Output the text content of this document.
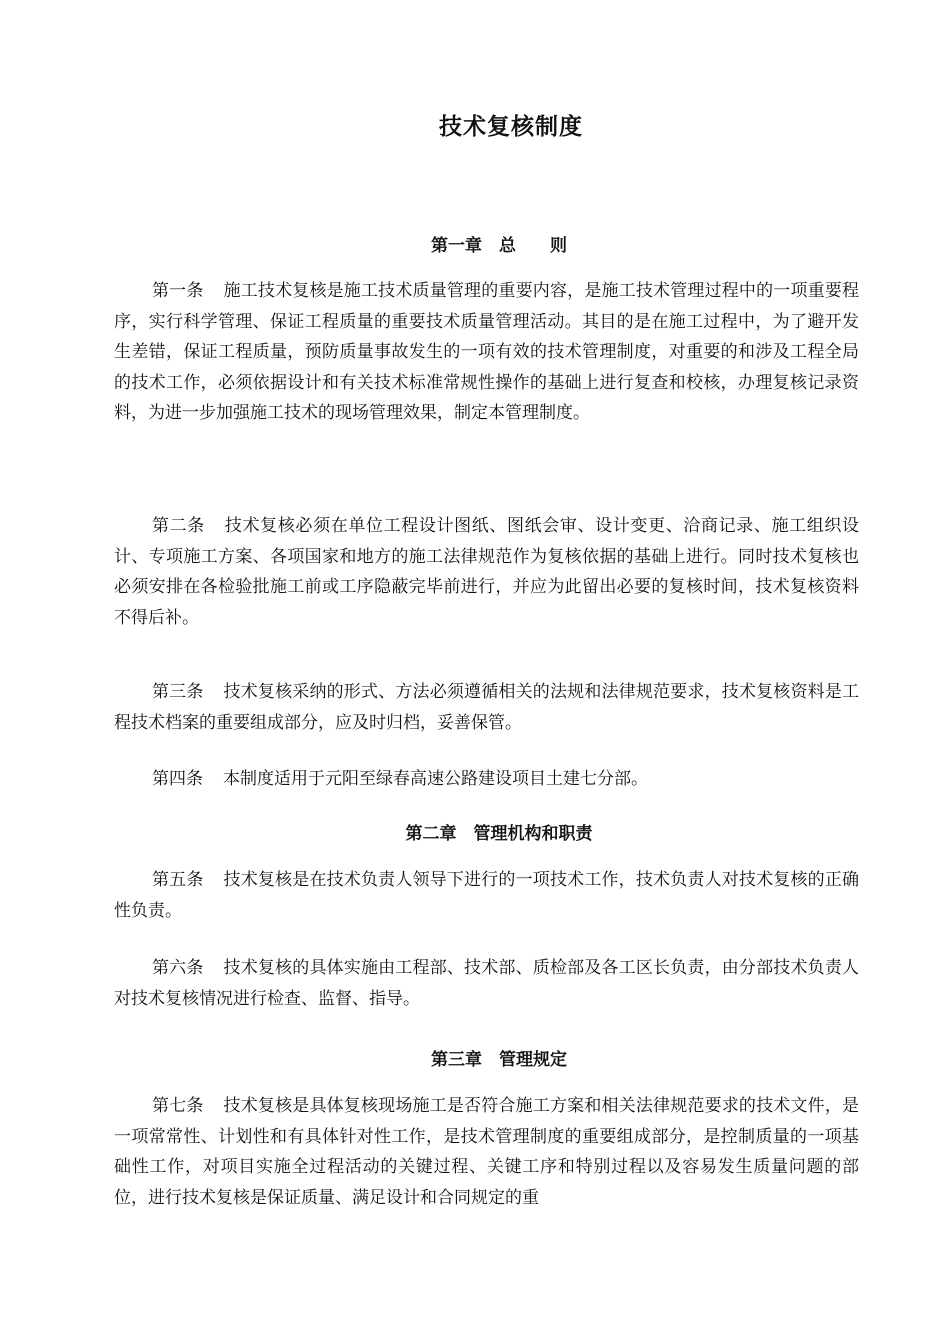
技术复核制度
第一章　总　　则

第一条 施工技术复核是施工技术质量管理的重要内容，是施工技术管理过程中的一项重要程序，实行科学管理、保证工程质量的重要技术质量管理活动。其目的是在施工过程中，为了避开发生差错，保证工程质量，预防质量事故发生的一项有效的技术管理制度，对重要的和涉及工程全局的技术工作，必须依据设计和有关技术标准常规性操作的基础上进行复查和校核，办理复核记录资料，为进一步加强施工技术的现场管理效果，制定本管理制度。

第二条 技术复核必须在单位工程设计图纸、图纸会审、设计变更、洽商记录、施工组织设计、专项施工方案、各项国家和地方的施工法律规范作为复核依据的基础上进行。同时技术复核也必须安排在各检验批施工前或工序隐蔽完毕前进行，并应为此留出必要的复核时间，技术复核资料不得后补。

第三条 技术复核采纳的形式、方法必须遵循相关的法规和法律规范要求，技术复核资料是工程技术档案的重要组成部分，应及时归档，妥善保管。

第四条 本制度适用于元阳至绿春高速公路建设项目土建七分部。

第二章　管理机构和职责

第五条 技术复核是在技术负责人领导下进行的一项技术工作，技术负责人对技术复核的正确性负责。

第六条 技术复核的具体实施由工程部、技术部、质检部及各工区长负责，由分部技术负责人对技术复核情况进行检查、监督、指导。

第三章　管理规定

第七条 技术复核是具体复核现场施工是否符合施工方案和相关法律规范要求的技术文件，是一项常常性、计划性和有具体针对性工作，是技术管理制度的重要组成部分，是控制质量的一项基础性工作，对项目实施全过程活动的关键过程、关键工序和特别过程以及容易发生质量问题的部位，进行技术复核是保证质量、满足设计和合同规定的重
